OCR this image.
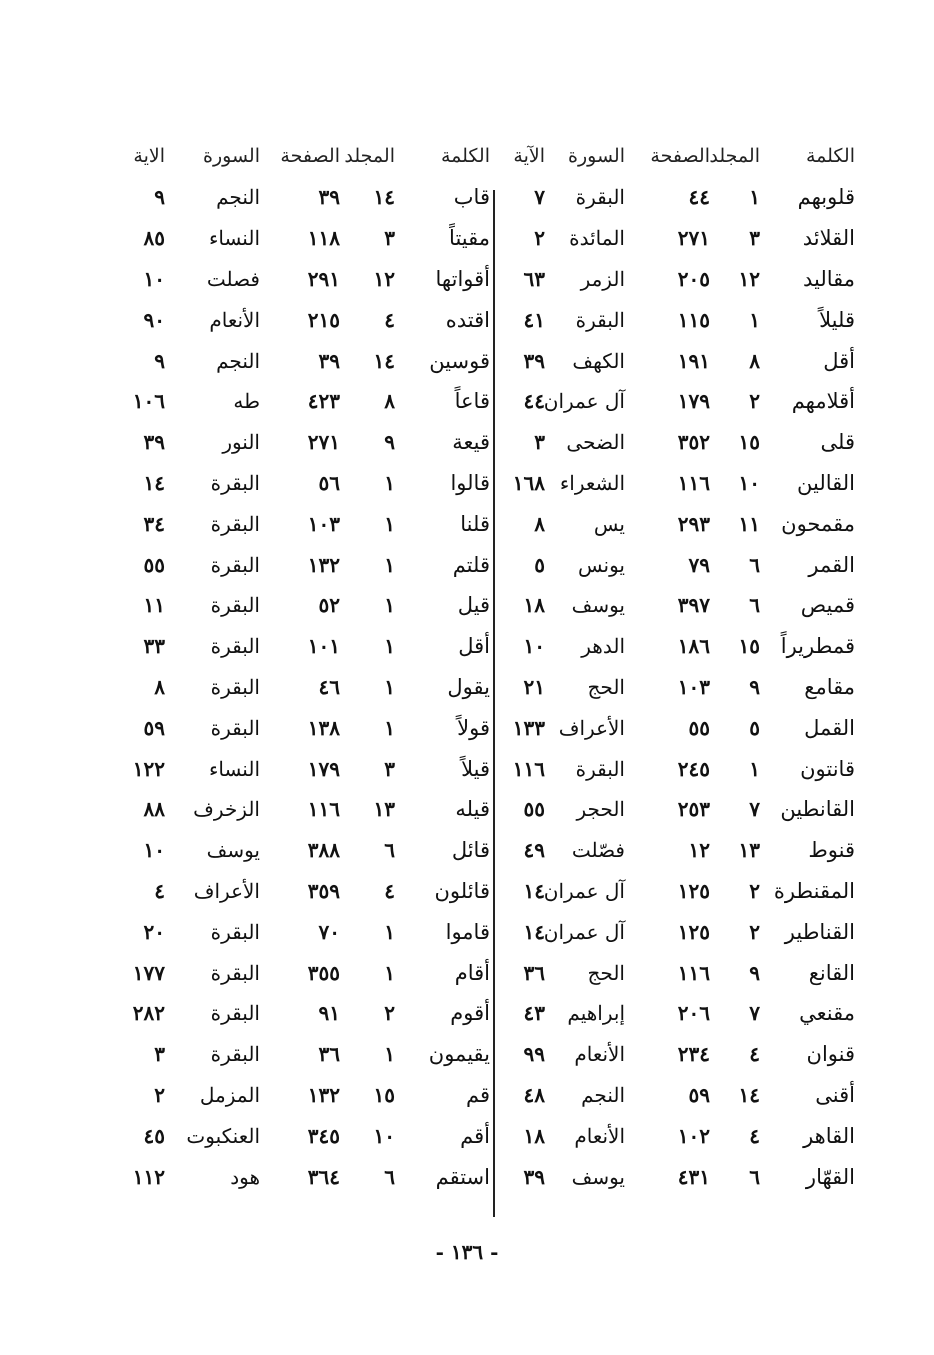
الكلمة	المجلد	الصفحة	السورة	الآية
قلوبهم	١	٤٤	البقرة	٧
القلائد	٣	٢٧١	المائدة	٢
مقاليد	١٢	٢٠٥	الزمر	٦٣
قليلاً	١	١١٥	البقرة	٤١
أقل	٨	١٩١	الكهف	٣٩
أقلامهم	٢	١٧٩	آل عمران	٤٤
قلى	١٥	٣٥٢	الضحى	٣
القالين	١٠	١١٦	الشعراء	١٦٨
مقمحون	١١	٢٩٣	يس	٨
القمر	٦	٧٩	يونس	٥
قميص	٦	٣٩٧	يوسف	١٨
قمطريراً	١٥	١٨٦	الدهر	١٠
مقامع	٩	١٠٣	الحج	٢١
القمل	٥	٥٥	الأعراف	١٣٣
قانتون	١	٢٤٥	البقرة	١١٦
القانطين	٧	٢٥٣	الحجر	٥٥
قنوط	١٣	١٢	فصّلت	٤٩
المقنطرة	٢	١٢٥	آل عمران	١٤
القناطير	٢	١٢٥	آل عمران	١٤
القانع	٩	١١٦	الحج	٣٦
مقنعي	٧	٢٠٦	إبراهيم	٤٣
قنوان	٤	٢٣٤	الأنعام	٩٩
أقنى	١٤	٥٩	النجم	٤٨
القاهر	٤	١٠٢	الأنعام	١٨
القهّار	٦	٤٣١	يوسف	٣٩
الكلمة	المجلد	الصفحة	السورة	الاية
قاب	١٤	٣٩	النجم	٩
مقيتاً	٣	١١٨	النساء	٨٥
أقواتها	١٢	٢٩١	فصلت	١٠
اقتده	٤	٢١٥	الأنعام	٩٠
قوسين	١٤	٣٩	النجم	٩
قاعاً	٨	٤٢٣	طه	١٠٦
قيعة	٩	٢٧١	النور	٣٩
قالوا	١	٥٦	البقرة	١٤
قلنا	١	١٠٣	البقرة	٣٤
قلتم	١	١٣٢	البقرة	٥٥
قيل	١	٥٢	البقرة	١١
أقل	١	١٠١	البقرة	٣٣
يقول	١	٤٦	البقرة	٨
قولاً	١	١٣٨	البقرة	٥٩
قيلاً	٣	١٧٩	النساء	١٢٢
قيله	١٣	١١٦	الزخرف	٨٨
قائل	٦	٣٨٨	يوسف	١٠
قائلون	٤	٣٥٩	الأعراف	٤
قاموا	١	٧٠	البقرة	٢٠
أقام	١	٣٥٥	البقرة	١٧٧
أقوم	٢	٩١	البقرة	٢٨٢
يقيمون	١	٣٦	البقرة	٣
قم	١٥	١٣٢	المزمل	٢
أقم	١٠	٣٤٥	العنكبوت	٤٥
استقم	٦	٣٦٤	هود	١١٢
- ١٣٦ -
